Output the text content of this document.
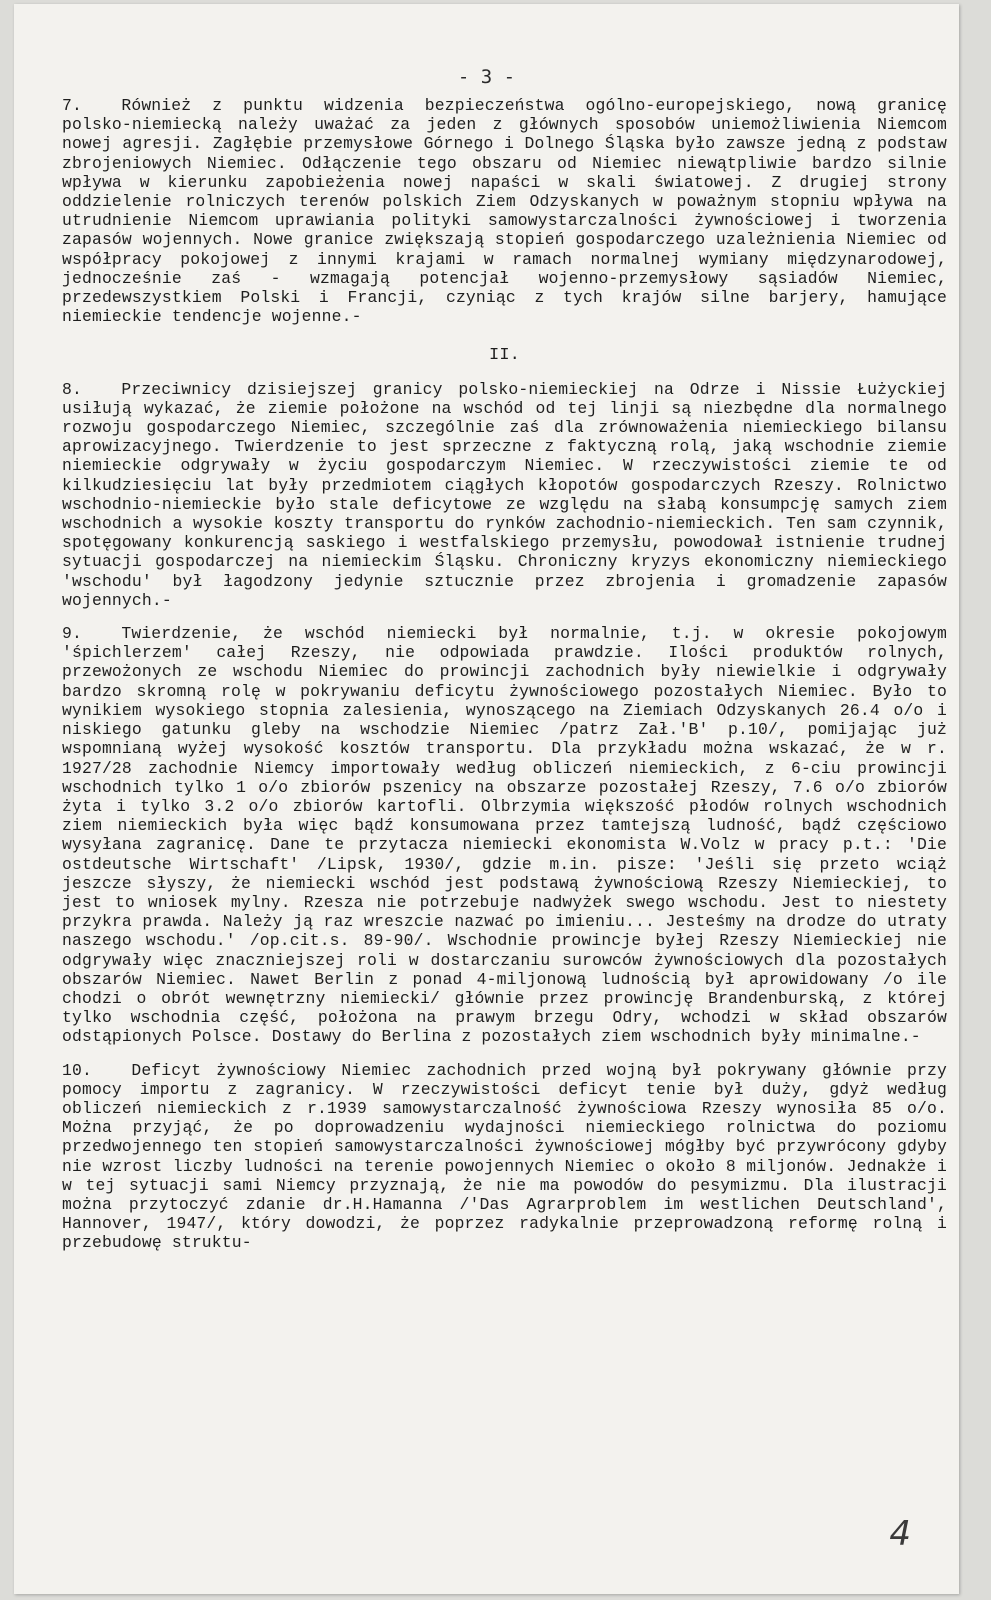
- 3 -

7. Również z punktu widzenia bezpieczeństwa ogólno-europejskiego, nową granicę polsko-niemiecką należy uważać za jeden z głównych sposobów uniemożliwienia Niemcom nowej agresji. Zagłębie przemysłowe Górnego i Dolnego Śląska było zawsze jedną z podstaw zbrojeniowych Niemiec. Odłączenie tego obszaru od Niemiec niewątpliwie bardzo silnie wpływa w kierunku zapobieżenia nowej napaści w skali światowej. Z drugiej strony oddzielenie rolniczych terenów polskich Ziem Odzyskanych w poważnym stopniu wpływa na utrudnienie Niemcom uprawiania polityki samowystarczalności żywnościowej i tworzenia zapasów wojennych. Nowe granice zwiększają stopień gospodarczego uzależnienia Niemiec od współpracy pokojowej z innymi krajami w ramach normalnej wymiany międzynarodowej, jednocześnie zaś - wzmagają potencjał wojenno-przemysłowy sąsiadów Niemiec, przedewszystkiem Polski i Francji, czyniąc z tych krajów silne barjery, hamujące niemieckie tendencje wojenne.-

II.

8. Przeciwnicy dzisiejszej granicy polsko-niemieckiej na Odrze i Nissie Łużyckiej usiłują wykazać, że ziemie położone na wschód od tej linji są niezbędne dla normalnego rozwoju gospodarczego Niemiec, szczególnie zaś dla zrównoważenia niemieckiego bilansu aprowizacyjnego. Twierdzenie to jest sprzeczne z faktyczną rolą, jaką wschodnie ziemie niemieckie odgrywały w życiu gospodarczym Niemiec. W rzeczywistości ziemie te od kilkudziesięciu lat były przedmiotem ciągłych kłopotów gospodarczych Rzeszy. Rolnictwo wschodnio-niemieckie było stale deficytowe ze względu na słabą konsumpcję samych ziem wschodnich a wysokie koszty transportu do rynków zachodnio-niemieckich. Ten sam czynnik, spotęgowany konkurencją saskiego i westfalskiego przemysłu, powodował istnienie trudnej sytuacji gospodarczej na niemieckim Śląsku. Chroniczny kryzys ekonomiczny niemieckiego 'wschodu' był łagodzony jedynie sztucznie przez zbrojenia i gromadzenie zapasów wojennych.-

9. Twierdzenie, że wschód niemiecki był normalnie, t.j. w okresie pokojowym 'śpichlerzem' całej Rzeszy, nie odpowiada prawdzie. Ilości produktów rolnych, przewożonych ze wschodu Niemiec do prowincji zachodnich były niewielkie i odgrywały bardzo skromną rolę w pokrywaniu deficytu żywnościowego pozostałych Niemiec. Było to wynikiem wysokiego stopnia zalesienia, wynoszącego na Ziemiach Odzyskanych 26.4 o/o i niskiego gatunku gleby na wschodzie Niemiec /patrz Zał.'B' p.10/, pomijając już wspomnianą wyżej wysokość kosztów transportu. Dla przykładu można wskazać, że w r. 1927/28 zachodnie Niemcy importowały według obliczeń niemieckich, z 6-ciu prowincji wschodnich tylko 1 o/o zbiorów pszenicy na obszarze pozostałej Rzeszy, 7.6 o/o zbiorów żyta i tylko 3.2 o/o zbiorów kartofli. Olbrzymia większość płodów rolnych wschodnich ziem niemieckich była więc bądź konsumowana przez tamtejszą ludność, bądź częściowo wysyłana zagranicę. Dane te przytacza niemiecki ekonomista W.Volz w pracy p.t.: 'Die ostdeutsche Wirtschaft' /Lipsk, 1930/, gdzie m.in. pisze: 'Jeśli się przeto wciąż jeszcze słyszy, że niemiecki wschód jest podstawą żywnościową Rzeszy Niemieckiej, to jest to wniosek mylny. Rzesza nie potrzebuje nadwyżek swego wschodu. Jest to niestety przykra prawda. Należy ją raz wreszcie nazwać po imieniu... Jesteśmy na drodze do utraty naszego wschodu.' /op.cit.s. 89-90/. Wschodnie prowincje byłej Rzeszy Niemieckiej nie odgrywały więc znaczniejszej roli w dostarczaniu surowców żywnościowych dla pozostałych obszarów Niemiec. Nawet Berlin z ponad 4-miljonową ludnością był aprowidowany /o ile chodzi o obrót wewnętrzny niemiecki/ głównie przez prowincję Brandenburską, z której tylko wschodnia część, położona na prawym brzegu Odry, wchodzi w skład obszarów odstąpionych Polsce. Dostawy do Berlina z pozostałych ziem wschodnich były minimalne.-

10. Deficyt żywnościowy Niemiec zachodnich przed wojną był pokrywany głównie przy pomocy importu z zagranicy. W rzeczywistości deficyt tenie był duży, gdyż według obliczeń niemieckich z r.1939 samowystarczalność żywnościowa Rzeszy wynosiła 85 o/o. Można przyjąć, że po doprowadzeniu wydajności niemieckiego rolnictwa do poziomu przedwojennego ten stopień samowystarczalności żywnościowej mógłby być przywrócony gdyby nie wzrost liczby ludności na terenie powojennych Niemiec o około 8 miljonów. Jednakże i w tej sytuacji sami Niemcy przyznają, że nie ma powodów do pesymizmu. Dla ilustracji można przytoczyć zdanie dr.H.Hamanna /'Das Agrarproblem im westlichen Deutschland', Hannover, 1947/, który dowodzi, że poprzez radykalnie przeprowadzoną reformę rolną i przebudowę struktu-

4
